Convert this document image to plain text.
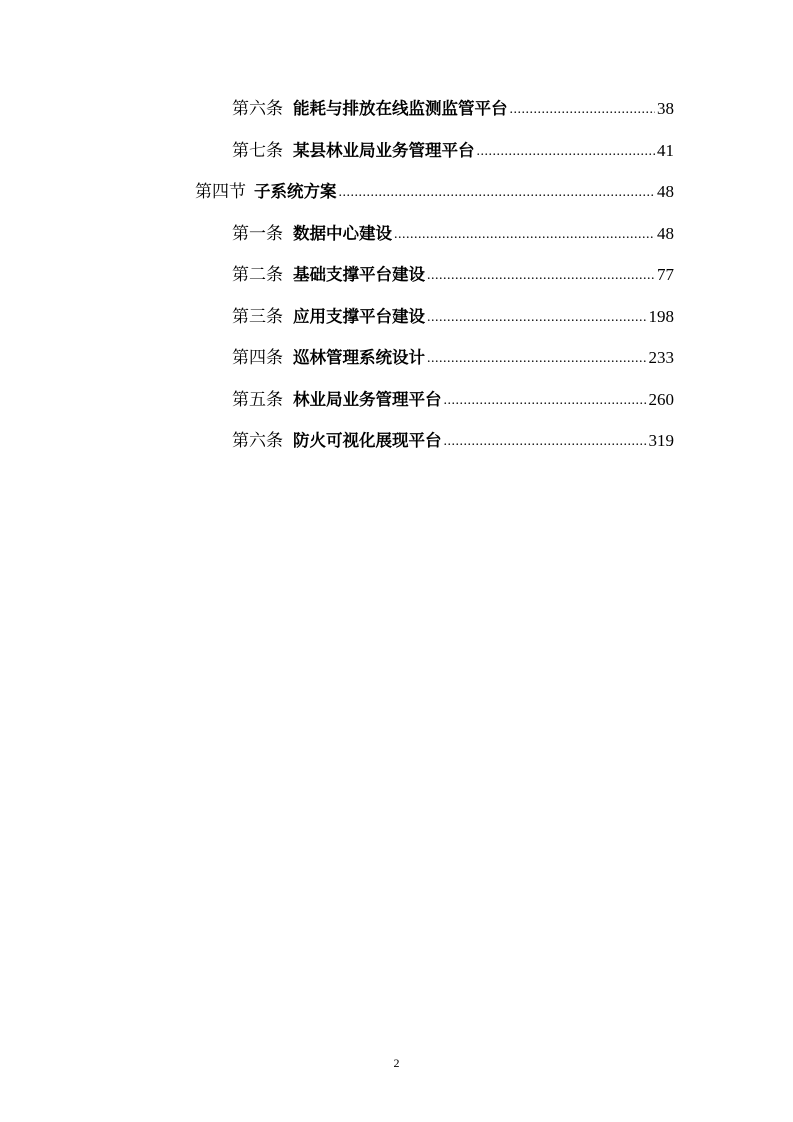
第六条 能耗与排放在线监测监管平台 .....	38
第七条 某县林业局业务管理平台 .....	41
第四节 子系统方案 .....	48
第一条 数据中心建设 .....	48
第二条 基础支撑平台建设 .....	77
第三条 应用支撑平台建设 .....	198
第四条 巡林管理系统设计 .....	233
第五条 林业局业务管理平台 .....	260
第六条 防火可视化展现平台 .....	319
2
